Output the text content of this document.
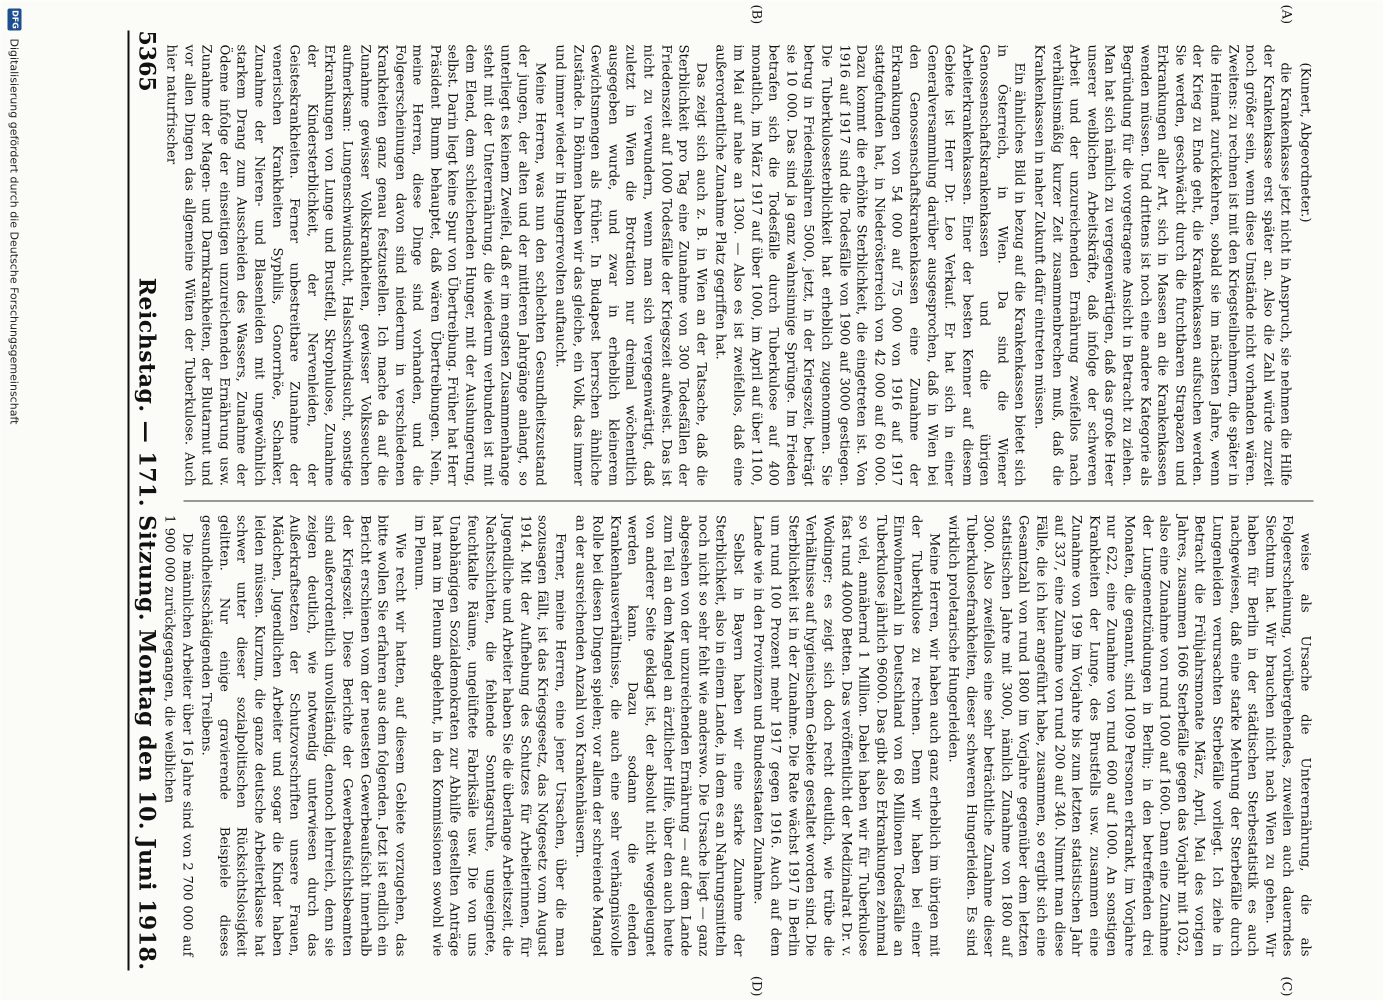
(Kunert, Abgeordneter.)

die Krankenkasse jetzt nicht in Anspruch, sie nehmen die Hilfe der Krankenkasse erst später an. Also die Zahl würde zurzeit noch größer sein, wenn diese Umstände nicht vorhanden wären. Zweitens: zu rechnen ist mit den Kriegsteilnehmern, die später in die Heimat zurückkehren, sobald sie im nächsten Jahre, wenn der Krieg zu Ende geht, die Krankenkassen aufsuchen werden. Sie werden, geschwächt durch die furchtbaren Strapazen und Erkrankungen aller Art, sich in Massen an die Krankenkassen wenden müssen. Und drittens ist noch eine andere Kategorie als Begründung für die vorgetragene Ansicht in Betracht zu ziehen. Man hat sich nämlich zu vergegenwärtigen, daß das große Heer unserer weiblichen Arbeitskräfte, daß infolge der schweren Arbeit und der unzureichenden Ernährung zweifellos nach verhältnismäßig kurzer Zeit zusammenbrechen muß, daß die Krankenkassen in naher Zukunft dafür eintreten müssen.

Ein ähnliches Bild in bezug auf die Krankenkassen bietet sich in Österreich, in Wien. Da sind die Wiener Genossenschaftskrankenkassen und die übrigen Arbeiterkrankenkassen. Einer der besten Kenner auf diesem Gebiete ist Herr Dr. Leo Verkauf. Er hat sich in einer Generalversammlung darüber ausgesprochen, daß in Wien bei den Genossenschaftskrankenkassen eine Zunahme der Erkrankungen von 54 000 auf 75 000 von 1916 auf 1917 stattgefunden hat, in Niederösterreich von 42 000 auf 60 000. Dazu kommt die erhöhte Sterblichkeit, die eingetreten ist. Von 1916 auf 1917 sind die Todesfälle von 1900 auf 3000 gestiegen. Die Tuberkulosesterblichkeit hat erheblich zugenommen. Sie betrug in Friedensjahren 5000, jetzt, in der Kriegszeit, beträgt sie 10 000. Das sind ja ganz wahnsinnige Sprünge. Im Frieden betrafen sich die Todesfälle durch Tuberkulose auf 400 monatlich, im März 1917 auf über 1000, im April auf über 1100, im Mai auf nahe an 1300. — Also es ist zweifellos, daß eine außerordentliche Zunahme Platz gegriffen hat.

Das zeigt sich auch z. B. in Wien an der Tatsache, daß die Sterblichkeit pro Tag eine Zunahme von 300 Todesfällen der Friedenszeit auf 1000 Todesfälle der Kriegszeit aufweist. Das ist nicht zu verwundern, wenn man sich vergegenwärtigt, daß zuletzt in Wien die Brotration nur dreimal wöchentlich ausgegeben wurde, und zwar in erheblich kleinerem Gewichtsmengen als früher. In Budapest herrschen ähnliche Zustände. In Böhmen haben wir das gleiche, ein Volk, das immer und immer wieder in Hungerrevolten auftaucht.

Meine Herren, was nun den schlechten Gesundheitszustand der jungen, der alten und der mittleren Jahrgänge anlangt, so unterliegt es keinem Zweifel, daß er im engsten Zusammenhange steht mit der Unterernährung, die wiederum verbunden ist mit dem Elend, dem schleichenden Hunger, mit der Aushungerung, selbst. Darin liegt keine Spur von Übertreibung. Früher hat Herr Präsident Bumm behauptet, daß wären Übertreibungen. Nein, meine Herren, diese Dinge sind vorhanden, und die Folgeerscheinungen davon sind niederum in verschiedenen Krankheiten ganz genau festzustellen. Ich mache da auf die Zunahme gewisser Volkskrankheiten, gewisser Volksseuchen aufmerksam: Lungenschwindsucht, Halsschwindsucht, sonstige Erkrankungen von Lunge und Brustfell, Skrophulose, Zunahme der Kindersterblichkeit, der Nervenleiden, der Geisteskrankheiten. Ferner unbestreitbare Zunahme der venerischen Krankheiten Syphilis, Gonorrhöe, Schanker, Zunahme der Nieren- und Blasenleiden mit ungewöhnlich starkem Drang zum Ausscheiden des Wassers, Zunahme der Ödeme infolge der einseitigen unzureichenden Ernährung usw. Zunahme der Magen- und Darmkrankheiten, der Blutarmut und vor allen Dingen das allgemeine Wüten der Tuberkulose. Auch hier naturfrischer

weise als Ursache die Unterernährung, die als Folgeerscheinung, vorübergehendes, zuweilen auch dauerndes Siechtum hat. Wir brauchen nicht nach Wien zu gehen. Wir haben für Berlin in der städtischen Sterbestatistik es auch nachgewiesen, daß eine starke Mehrung der Sterbefälle durch Lungenleiden verursachten Sterbefälle vorliegt. Ich ziehe in Betracht die Frühjahrsmonate März, April, Mai des vorigen Jahres, zusammen 1606 Sterbefälle gegen das Vorjahr mit 1032, also eine Zunahme von rund 1000 auf 1600. Dann eine Zunahme der Lungenentzündungen in Berlin; in den betreffenden drei Monaten, die genannt, sind 1009 Personen erkrankt, im Vorjahre nur 622, eine Zunahme von rund 600 auf 1000. An sonstigen Krankheiten der Lunge, des Brustfells usw. zusammen eine Zunahme von 199 im Vorjahre bis zum letzten statistischen Jahr auf 337, eine Zunahme von rund 200 auf 340. Nimmt man diese Fälle, die ich hier angeführt habe, zusammen, so ergibt sich eine Gesamtzahl von rund 1800 im Vorjahre gegenüber dem letzten statistischen Jahre mit 3000, nämlich Zunahme von 1800 auf 3000. Also zweifellos eine sehr beträchtliche Zunahme dieser Tuberkulosefrankheiten, dieser schweren Hungerleiden. Es sind wirklich proletarische Hungerleiden.

Meine Herren, wir haben auch ganz erheblich im übrigen mit der Tuberkulose zu rechnen. Denn wir haben bei einer Einwohnerzahl in Deutschland von 68 Millionen Todesfälle an Tuberkulose jährlich 96000. Das gibt also Erkrankungen zehnmal so viel, annähernd 1 Million. Dabei haben wir für Tuberkulose fast rund 40000 Betten. Das veröffentlicht der Medizinalrat Dr. v. Wodinger; es zeigt sich doch recht deutlich, wie trübe die Verhältnisse auf hygienischem Gebiete gestaltet worden sind. Die Sterblichkeit ist in der Zunahme. Die Rate wächst 1917 in Berlin um rund 100 Prozent mehr 1917 gegen 1916. Auch auf dem Lande wie in den Provinzen und Bundesstaaten Zunahme.

Selbst in Bayern haben wir eine starke Zunahme der Sterblichkeit, also in einem Lande, in dem es an Nahrungsmitteln noch nicht so sehr fehlt wie anderswo. Die Ursache liegt — ganz abgesehen von der unzureichenden Ernährung — auf dem Lande zum Teil an dem Mangel an ärztlicher Hilfe, über den auch heute von anderer Seite geklagt ist, der absolut nicht weggeleugnet werden kann. Dazu sodann die elenden Krankenhausverhältnisse, die auch eine sehr verhängnisvolle Rolle bei diesen Dingen spielen; vor allem der schreiende Mangel an der ausreichenden Anzahl von Krankenhäusern.

Ferner, meine Herren, eine jener Ursachen, über die man sozusagen fällt, ist das Kriegsgesetz, das Notgesetz vom August 1914. Mit der Aufhebung des Schutzes für Arbeiterinnen, für Jugendliche und Arbeiter haben Sie die überlange Arbeitszeit, die Nachtschichten, die fehlende Sonntagsruhe, ungeeignete, feuchtkalte Räume, ungelüftete Fabriksäle usw. Die von uns Unabhängigen Sozialdemokraten zur Abhilfe gestellten Anträge hat man im Plenum abgelehnt, in den Kommissionen sowohl wie im Plenum.

Wie recht wir hatten, auf diesem Gebiete vorzugehen, das bitte wollen Sie erfahren aus dem folgenden. Jetzt ist endlich ein Bericht erschienen vom der neuesten Gewerbeaufsicht innerhalb der Kriegszeit. Diese Berichte der Gewerbeaufsichtsbeamten sind außerordentlich unvollständig, dennoch lehrreich, denn sie zeigen deutlich, wie notwendig unterwiesen durch das Außerkraftsetzen der Schutzvorschriften unsere Frauen, Mädchen, Jugendlichen Arbeiter und sogar die Kinder haben leiden müssen. Kurzum, die ganze deutsche Arbeiterklasse hat schwer unter dieser sozialpolitischen Rücksichtslosigkeit gelitten. Nur einige gravierende Beispiele dieses gesundheitsschädigenden Treibens.

Die männlichen Arbeiter über 16 Jahre sind von 2 700 000 auf 1 900 000 zurückgegangen, die weiblichen

(A)
(B)
(C)
(D)
5365
Reichstag. — 171. Sitzung. Montag den 10. Juni 1918.
DFG
Digitalisierung gefördert durch die Deutsche Forschungsgemeinschaft
